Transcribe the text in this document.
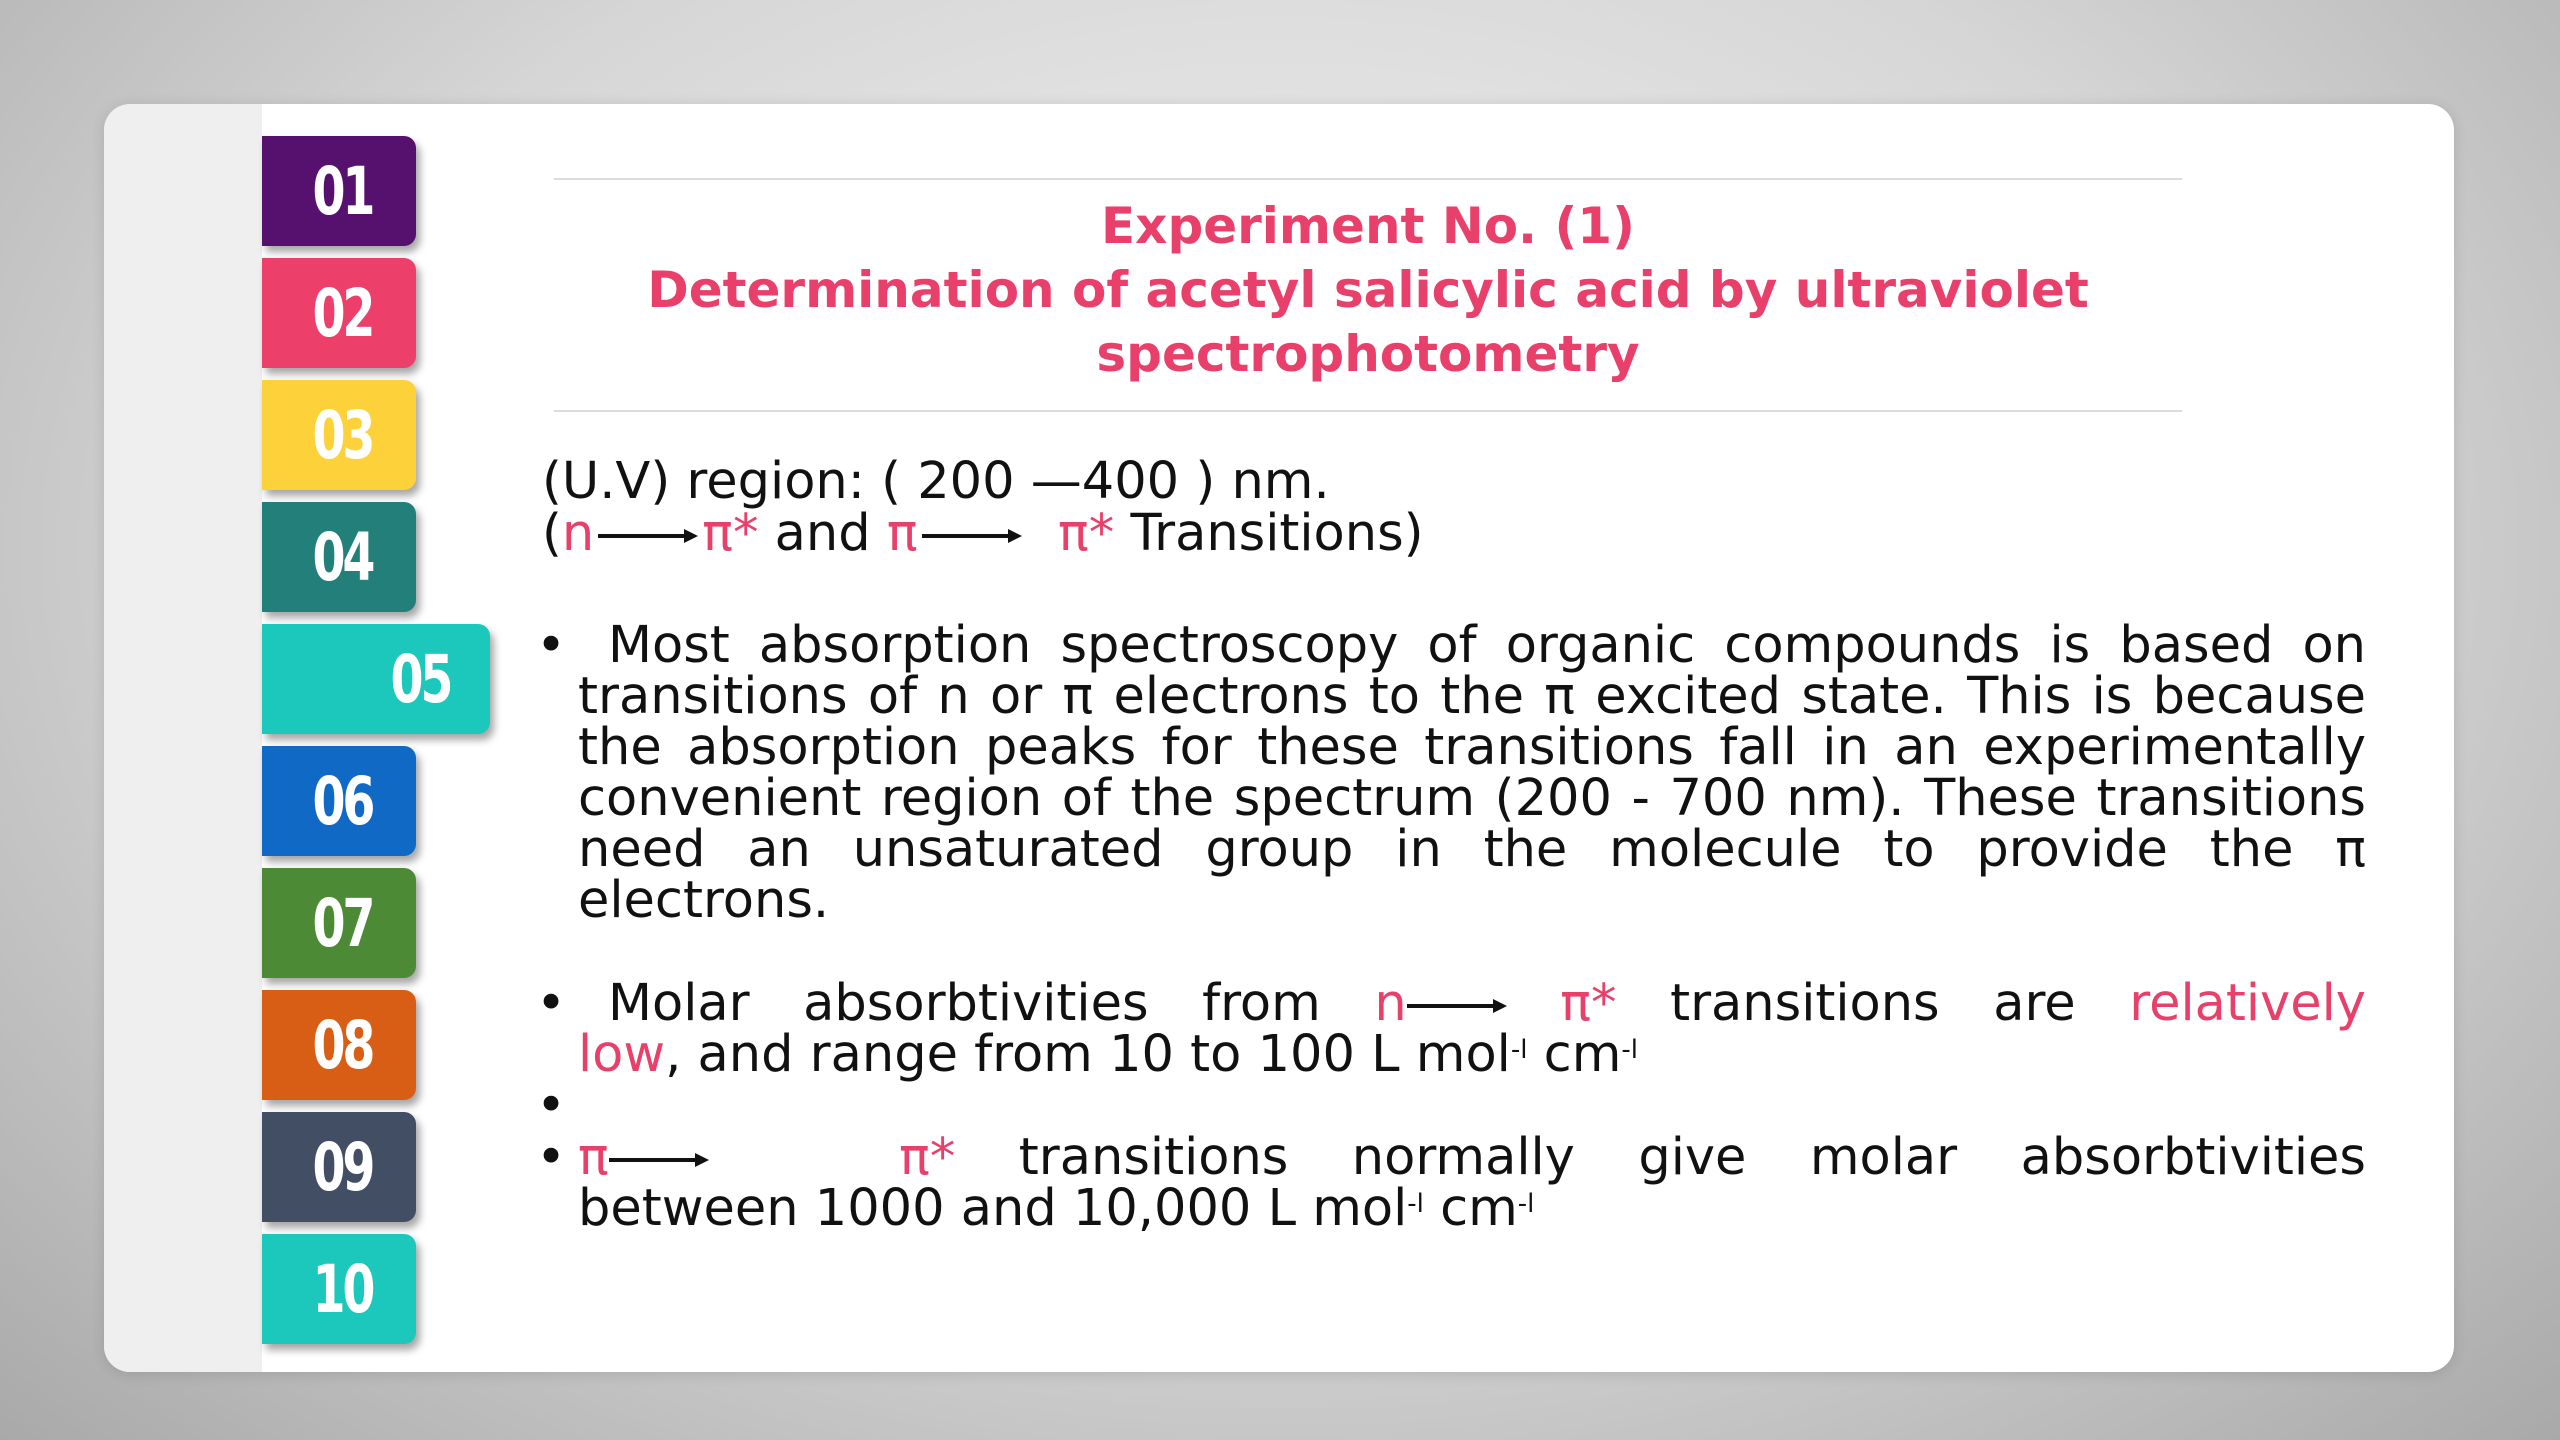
01
02
03
04
05
06
07
08
09
10
Experiment No. (1)
Determination of acetyl salicylic acid by ultraviolet
spectrophotometry
(U.V) region: ( 200 —400 ) nm.
(n π* and π	π* Transitions)
• Most absorption spectroscopy of organic compounds is based on transitions of n or π electrons to the π excited state. This is because the absorption peaks for these transitions fall in an experimentally convenient region of the spectrum (200 - 700 nm). These transitions need an unsaturated group in the molecule to provide the π electrons.
• Molar absorbtivities from n	π* transitions are relatively
low, and range from 10 to 100 L mol$^{-l}$ $cm^{-l}$
•
• π	π* transitions normally give molar absorbtivities
between 1000 and 10,000 L mol$^{-l}$ $cm^{-l}$
